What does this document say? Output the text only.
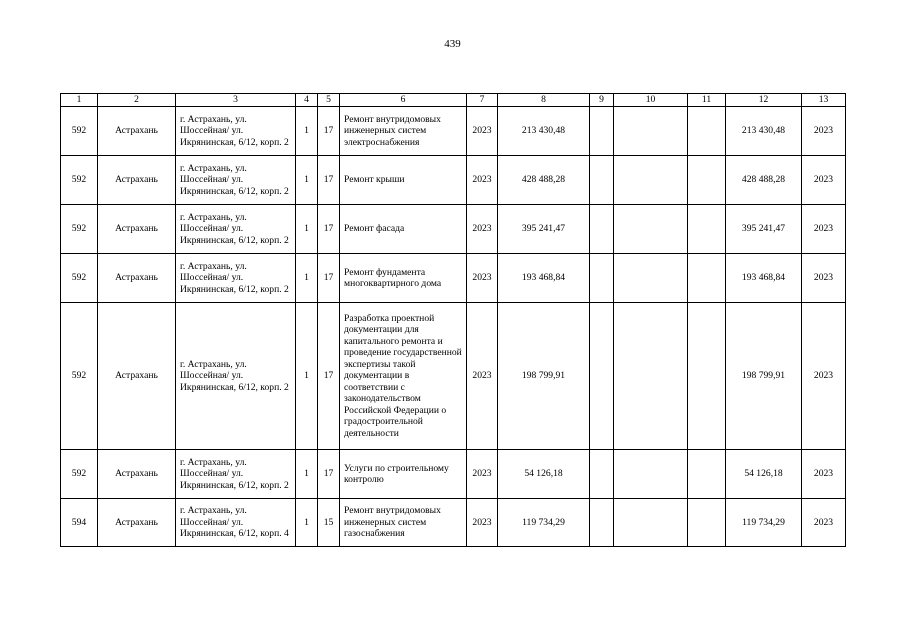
439
1	2	3	4	5	6	7	8	9	10	11	12	13
592	Астрахань	г. Астрахань, ул. Шоссейная/ ул. Икрянинская, 6/12, корп. 2	1	17	Ремонт внутридомовых инженерных систем электроснабжения	2023	213 430,48				213 430,48	2023
592	Астрахань	г. Астрахань, ул. Шоссейная/ ул. Икрянинская, 6/12, корп. 2	1	17	Ремонт крыши	2023	428 488,28				428 488,28	2023
592	Астрахань	г. Астрахань, ул. Шоссейная/ ул. Икрянинская, 6/12, корп. 2	1	17	Ремонт фасада	2023	395 241,47				395 241,47	2023
592	Астрахань	г. Астрахань, ул. Шоссейная/ ул. Икрянинская, 6/12, корп. 2	1	17	Ремонт фундамента многоквартирного дома	2023	193 468,84				193 468,84	2023
592	Астрахань	г. Астрахань, ул. Шоссейная/ ул. Икрянинская, 6/12, корп. 2	1	17	Разработка проектной документации для капитального ремонта и проведение государственной экспертизы такой документации в соответствии с законодательством Российской Федерации о градостроительной деятельности	2023	198 799,91				198 799,91	2023
592	Астрахань	г. Астрахань, ул. Шоссейная/ ул. Икрянинская, 6/12, корп. 2	1	17	Услуги по строительному контролю	2023	54 126,18				54 126,18	2023
594	Астрахань	г. Астрахань, ул. Шоссейная/ ул. Икрянинская, 6/12, корп. 4	1	15	Ремонт внутридомовых инженерных систем газоснабжения	2023	119 734,29				119 734,29	2023
